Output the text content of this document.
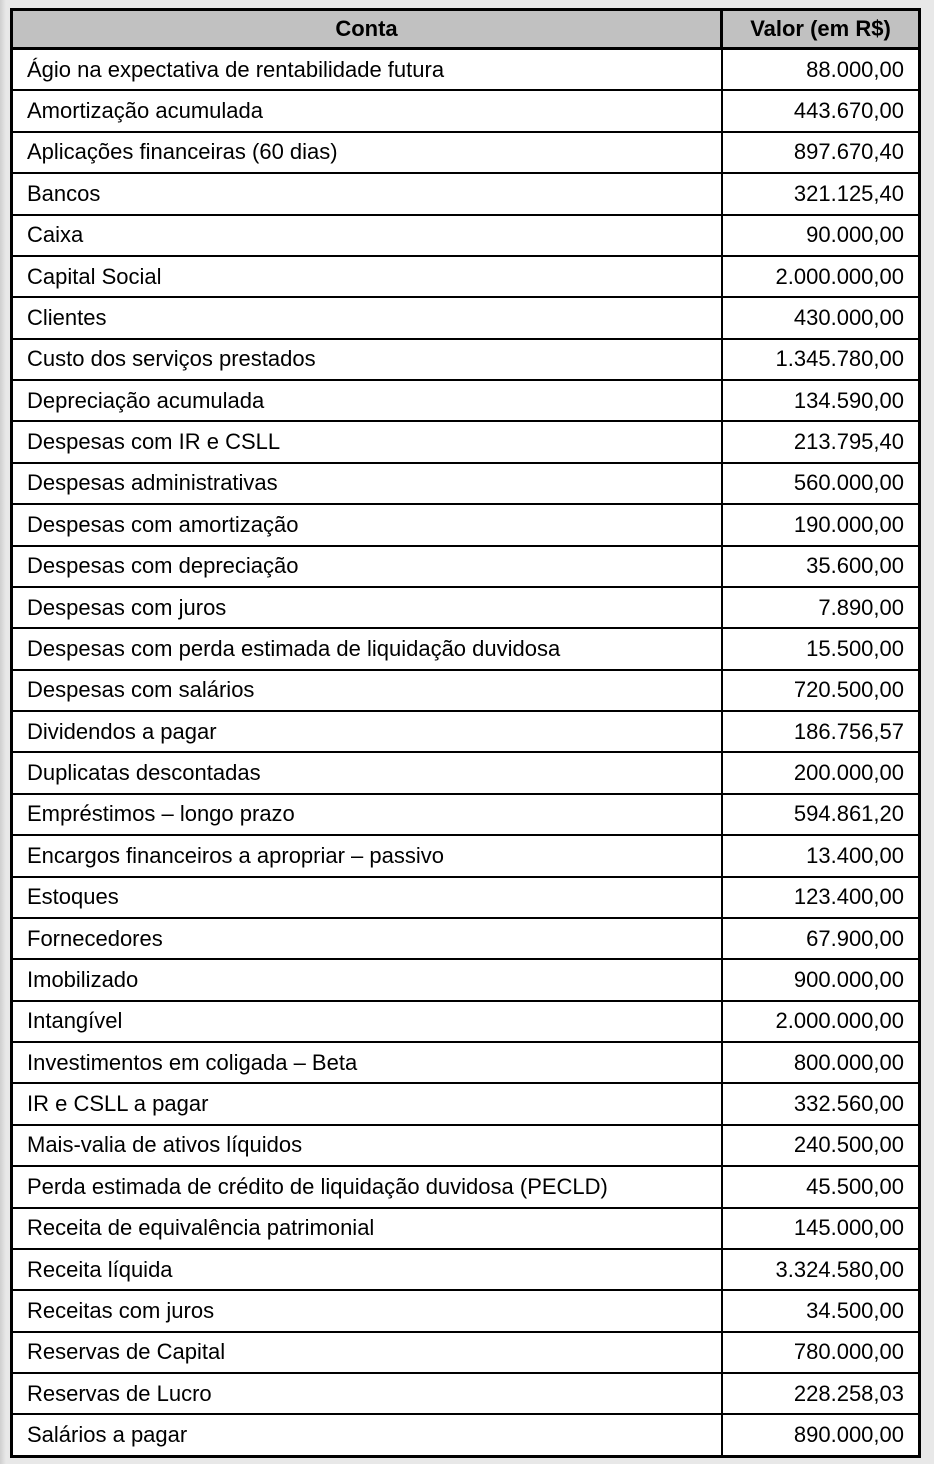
Conta	Valor (em R$)
Ágio na expectativa de rentabilidade futura	88.000,00
Amortização acumulada	443.670,00
Aplicações financeiras (60 dias)	897.670,40
Bancos	321.125,40
Caixa	90.000,00
Capital Social	2.000.000,00
Clientes	430.000,00
Custo dos serviços prestados	1.345.780,00
Depreciação acumulada	134.590,00
Despesas com IR e CSLL	213.795,40
Despesas administrativas	560.000,00
Despesas com amortização	190.000,00
Despesas com depreciação	35.600,00
Despesas com juros	7.890,00
Despesas com perda estimada de liquidação duvidosa	15.500,00
Despesas com salários	720.500,00
Dividendos a pagar	186.756,57
Duplicatas descontadas	200.000,00
Empréstimos – longo prazo	594.861,20
Encargos financeiros a apropriar – passivo	13.400,00
Estoques	123.400,00
Fornecedores	67.900,00
Imobilizado	900.000,00
Intangível	2.000.000,00
Investimentos em coligada – Beta	800.000,00
IR e CSLL a pagar	332.560,00
Mais-valia de ativos líquidos	240.500,00
Perda estimada de crédito de liquidação duvidosa (PECLD)	45.500,00
Receita de equivalência patrimonial	145.000,00
Receita líquida	3.324.580,00
Receitas com juros	34.500,00
Reservas de Capital	780.000,00
Reservas de Lucro	228.258,03
Salários a pagar	890.000,00
